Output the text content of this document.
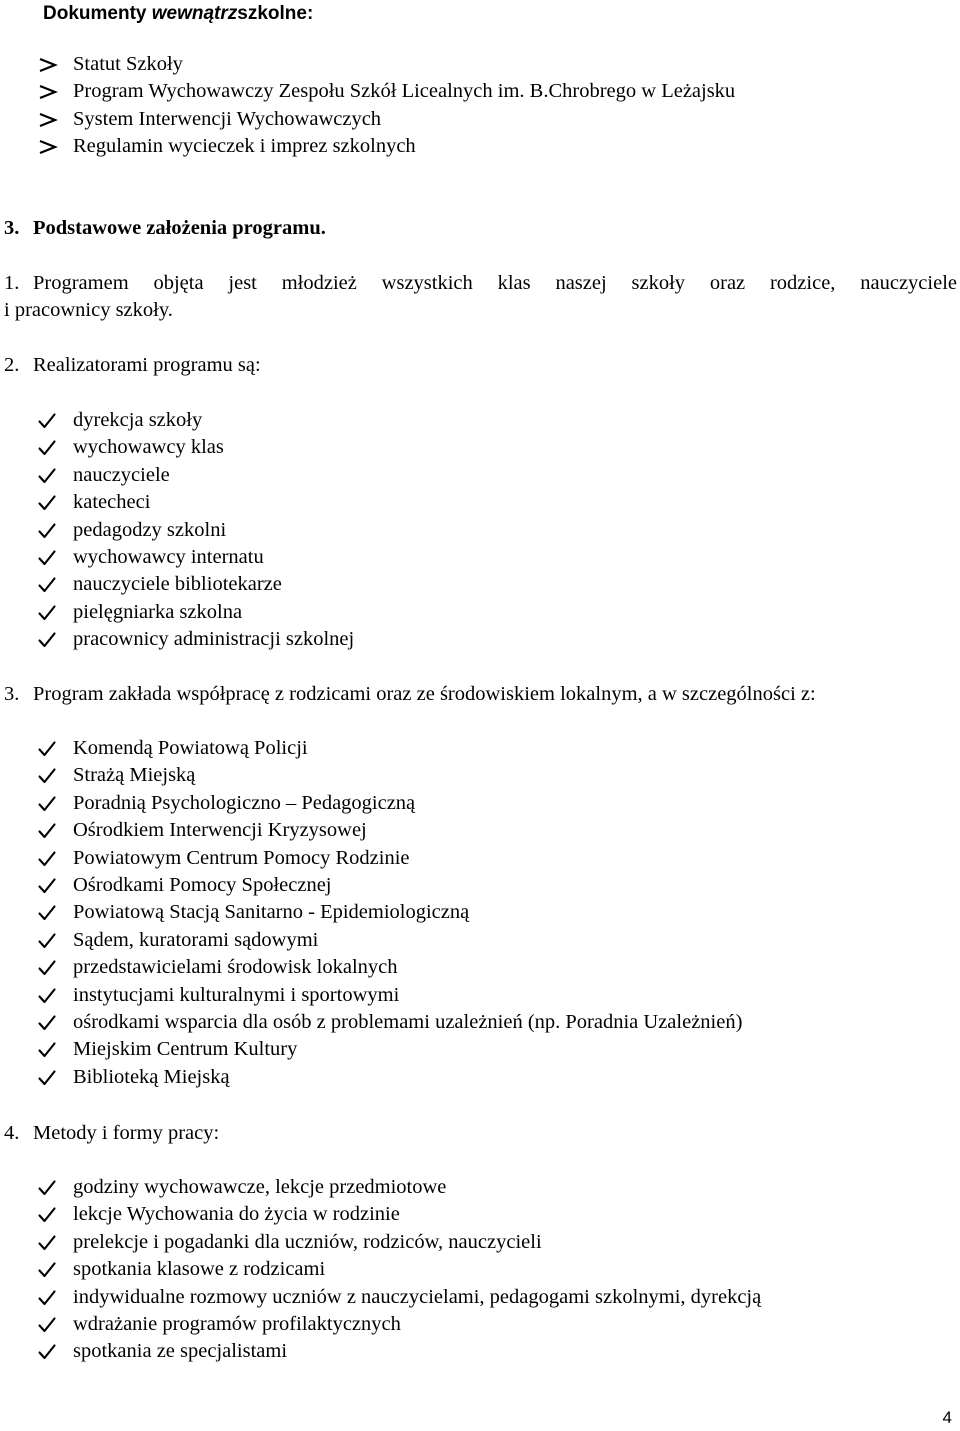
Dokumenty wewnątrzszkolne:
Statut Szkoły
Program Wychowawczy Zespołu Szkół Licealnych im. B.Chrobrego w Leżajsku
System Interwencji Wychowawczych
Regulamin wycieczek i imprez szkolnych
3. Podstawowe założenia programu.
1. Programem objęta jest młodzież wszystkich klas naszej szkoły oraz rodzice, nauczyciele
i pracownicy szkoły.
2. Realizatorami programu są:
dyrekcja szkoły
wychowawcy klas
nauczyciele
katecheci
pedagodzy szkolni
wychowawcy internatu
nauczyciele bibliotekarze
pielęgniarka szkolna
pracownicy administracji szkolnej
3. Program zakłada współpracę z rodzicami oraz ze środowiskiem lokalnym, a w szczególności z:
Komendą Powiatową Policji
Strażą Miejską
Poradnią Psychologiczno – Pedagogiczną
Ośrodkiem Interwencji Kryzysowej
Powiatowym Centrum Pomocy Rodzinie
Ośrodkami Pomocy Społecznej
Powiatową Stacją Sanitarno - Epidemiologiczną
Sądem, kuratorami sądowymi
przedstawicielami środowisk lokalnych
instytucjami kulturalnymi i sportowymi
ośrodkami wsparcia dla osób z problemami uzależnień (np. Poradnia Uzależnień)
Miejskim Centrum Kultury
Biblioteką Miejską
4. Metody i formy pracy:
godziny wychowawcze, lekcje przedmiotowe
lekcje Wychowania do życia w rodzinie
prelekcje i pogadanki dla uczniów, rodziców, nauczycieli
spotkania klasowe z rodzicami
indywidualne rozmowy uczniów z nauczycielami, pedagogami szkolnymi, dyrekcją
wdrażanie programów profilaktycznych
spotkania ze specjalistami
4
